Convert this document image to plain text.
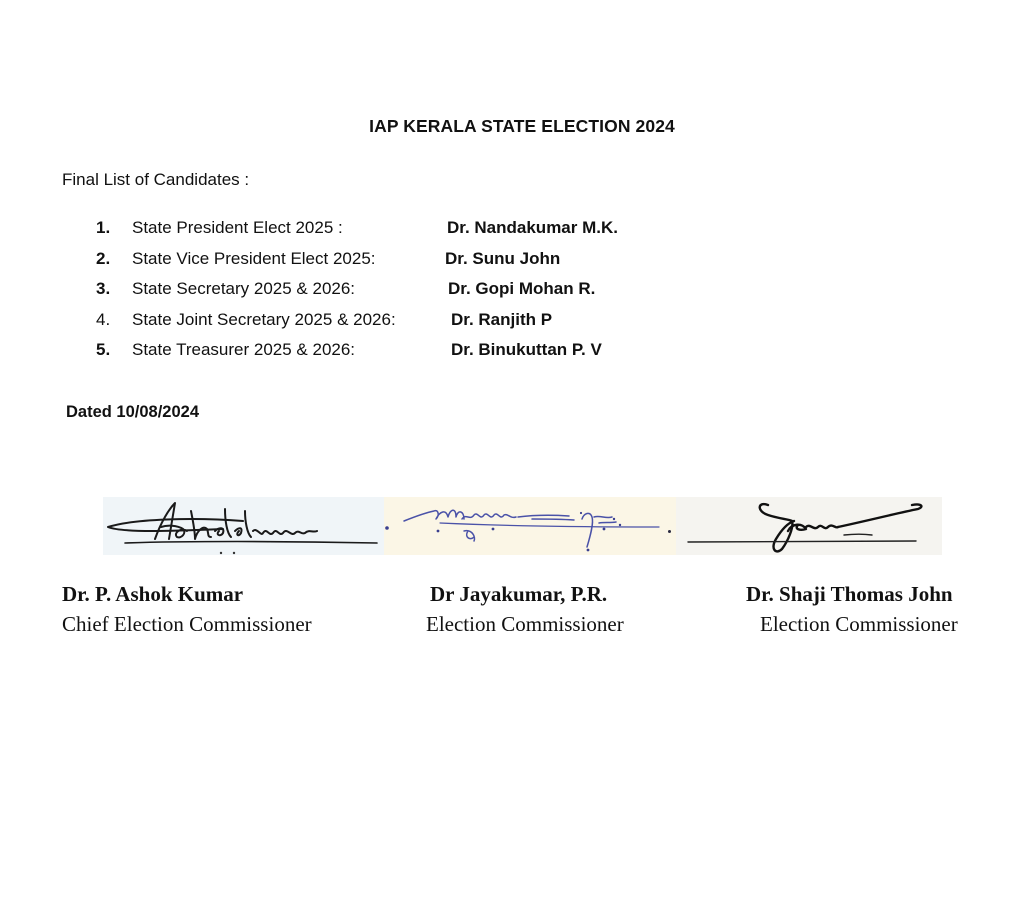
IAP KERALA STATE ELECTION 2024
Final List of Candidates :
1.	State President Elect 2025 :	Dr. Nandakumar M.K.
2.	State Vice President Elect 2025:	Dr. Sunu John
3.	State Secretary 2025 & 2026:	Dr. Gopi Mohan R.
4.	State Joint Secretary 2025 & 2026:	Dr. Ranjith P
5.	State Treasurer 2025 & 2026:	Dr. Binukuttan P. V
Dated 10/08/2024
Dr. P. Ashok Kumar
Chief Election Commissioner
Dr Jayakumar, P.R.
Election Commissioner
Dr. Shaji Thomas John
Election Commissioner
